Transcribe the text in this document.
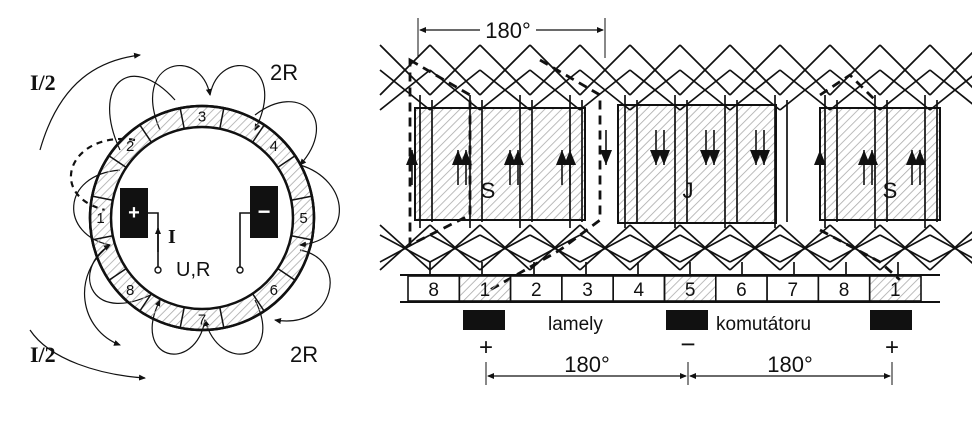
1
2
3
4
5
6
7
8
+	−
I
U,R
I/2
I/2
2R
2R
S	J	S
180°
8 1 2 3 4 5 6 7 8 1
+	−	+
lamely	komutátoru
180°	180°
